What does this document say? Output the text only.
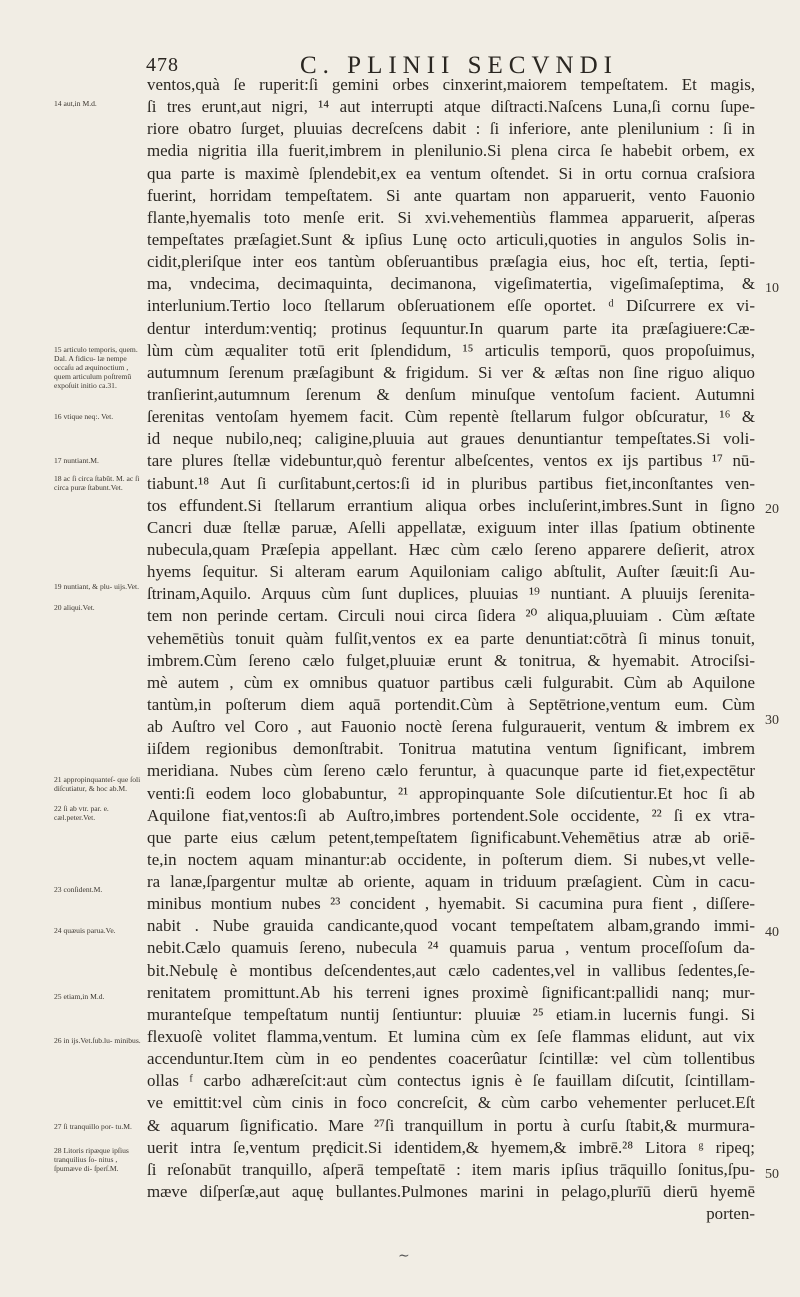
478	C. PLINII SECVNDI
ventos,quà ſe ruperit:ſi gemini orbes cinxerint,maiorem tempeſtatem. Et magis,
ſi tres erunt,aut nigri, ¹⁴ aut interrupti atque diſtracti.Naſcens Luna,ſi cornu ſupe-
riore obatro ſurget, pluuias decreſcens dabit : ſi inferiore, ante plenilunium : ſi in
media nigritia illa fuerit,imbrem in plenilunio.Si plena circa ſe habebit orbem, ex
qua parte is maximè ſplendebit,ex ea ventum oſtendet. Si in ortu cornua craſsiora
fuerint, horridam tempeſtatem. Si ante quartam non apparuerit, vento Fauonio
flante,hyemalis toto menſe erit. Si xvi.vehementiùs flammea apparuerit, aſperas
tempeſtates præſagiet.Sunt & ipſius Lunę octo articuli,quoties in angulos Solis in-
cidit,pleriſque inter eos tantùm obſeruantibus præſagia eius, hoc eſt, tertia, ſepti-
ma, vndecima, decimaquinta, decimanona, vigeſimatertia, vigeſimaſeptima, &
interlunium.Tertio loco ſtellarum obſeruationem eſſe oportet. ᵈ Diſcurrere ex vi-
dentur interdum:ventiq; protinus ſequuntur.In quarum parte ita præſagiuere:Cæ-
lùm cùm æqualiter totū erit ſplendidum, ¹⁵ articulis temporū, quos propoſuimus,
autumnum ſerenum præſagibunt & frigidum. Si ver & æſtas non ſine riguo aliquo
tranſierint,autumnum ſerenum & denſum minuſque ventoſum facient. Autumni
ſerenitas ventoſam hyemem facit. Cùm repentè ſtellarum fulgor obſcuratur, ¹⁶ &
id neque nubilo,neq; caligine,pluuia aut graues denuntiantur tempeſtates.Si voli-
tare plures ſtellæ videbuntur,quò ferentur albeſcentes, ventos ex ijs partibus ¹⁷ nū-
tiabunt.¹⁸ Aut ſi curſitabunt,certos:ſi id in pluribus partibus fiet,inconſtantes ven-
tos effundent.Si ſtellarum errantium aliqua orbes incluſerint,imbres.Sunt in ſigno
Cancri duæ ſtellæ paruæ, Aſelli appellatæ, exiguum inter illas ſpatium obtinente
nubecula,quam Præſepia appellant. Hæc cùm cælo ſereno apparere deſierit, atrox
hyems ſequitur. Si alteram earum Aquiloniam caligo abſtulit, Auſter ſæuit:ſi Au-
ſtrinam,Aquilo. Arquus cùm ſunt duplices, pluuias ¹⁹ nuntiant. A pluuijs ſerenita-
tem non perinde certam. Circuli noui circa ſidera ²⁰ aliqua,pluuiam . Cùm æſtate
vehemētiùs tonuit quàm fulſit,ventos ex ea parte denuntiat:cōtrà ſi minus tonuit,
imbrem.Cùm ſereno cælo fulget,pluuiæ erunt & tonitrua, & hyemabit. Atrociſsi-
mè autem , cùm ex omnibus quatuor partibus cæli fulgurabit. Cùm ab Aquilone
tantùm,in poſterum diem aquā portendit.Cùm à Septētrione,ventum eum. Cùm
ab Auſtro vel Coro , aut Fauonio noctè ſerena fulgurauerit, ventum & imbrem ex
iiſdem regionibus demonſtrabit. Tonitrua matutina ventum ſignificant, imbrem
meridiana. Nubes cùm ſereno cælo feruntur, à quacunque parte id fiet,expectētur
venti:ſi eodem loco globabuntur, ²¹ appropinquante Sole diſcutientur.Et hoc ſi ab
Aquilone fiat,ventos:ſi ab Auſtro,imbres portendent.Sole occidente, ²² ſi ex vtra-
que parte eius cælum petent,tempeſtatem ſignificabunt.Vehemētius atræ ab oriē-
te,in noctem aquam minantur:ab occidente, in poſterum diem. Si nubes,vt velle-
ra lanæ,ſpargentur multæ ab oriente, aquam in triduum præſagient. Cùm in cacu-
minibus montium nubes ²³ concident , hyemabit. Si cacumina pura fient , diſſere-
nabit . Nube grauida candicante,quod vocant tempeſtatem albam,grando immi-
nebit.Cælo quamuis ſereno, nubecula ²⁴ quamuis parua , ventum proceſſoſum da-
bit.Nebulę è montibus deſcendentes,aut cælo cadentes,vel in vallibus ſedentes,ſe-
renitatem promittunt.Ab his terreni ignes proximè ſignificant:pallidi nanq; mur-
muranteſque tempeſtatum nuntij ſentiuntur: pluuiæ ²⁵ etiam.in lucernis fungi. Si
flexuoſè volitet flamma,ventum. Et lumina cùm ex ſeſe flammas elidunt, aut vix
accenduntur.Item cùm in eo pendentes coacerûatur ſcintillæ: vel cùm tollentibus
ollas ᶠ carbo adhæreſcit:aut cùm contectus ignis è ſe fauillam diſcutit, ſcintillam-
ve emittit:vel cùm cinis in foco concreſcit, & cùm carbo vehementer perlucet.Eſt
& aquarum ſignificatio. Mare ²⁷ſi tranquillum in portu à curſu ſtabit,& murmura-
uerit intra ſe,ventum prędicit.Si identidem,& hyemem,& imbrē.²⁸ Litora ᵍ ripeq;
ſi reſonabūt tranquillo, aſperā tempeſtatē : item maris ipſius trāquillo ſonitus,ſpu-
mæve diſperſæ,aut aquę bullantes.Pulmones marini in pelago,plurīū dierū hyemē
porten-
14 aut,in M.d.
15 articulo temporis, quem. Dal. A fidicu- læ nempe occaſu ad æquinoctium , quem articulum poſtremū expoſuit initio ca.31.
16 vtique neq:. Vet.
17 nuntiant.M.
18 ac ſi circa ſtabūt. M. ac ſi circa puræ ſtabunt.Vet.
19 nuntiant, & plu- uijs.Vet.
20 aliqui.Vet.
21 appropinquanteſ- que ſoli diſcutiatur, & hoc ab.M.
22 ſi ab vtr. par. e. cæl.peter.Vet.
23 conſident.M.
24 quæuis parua.Ve.
25 etiam,in M.d.
26 in ijs.Vet.ſub.lu- minibus.
27 ſi tranquillo por- tu.M.
28 Litoris ripæque ipſius tranquilius ſo- nitus , ſpumæve di- ſperſ.M.
10
20
30
40
50
∼
